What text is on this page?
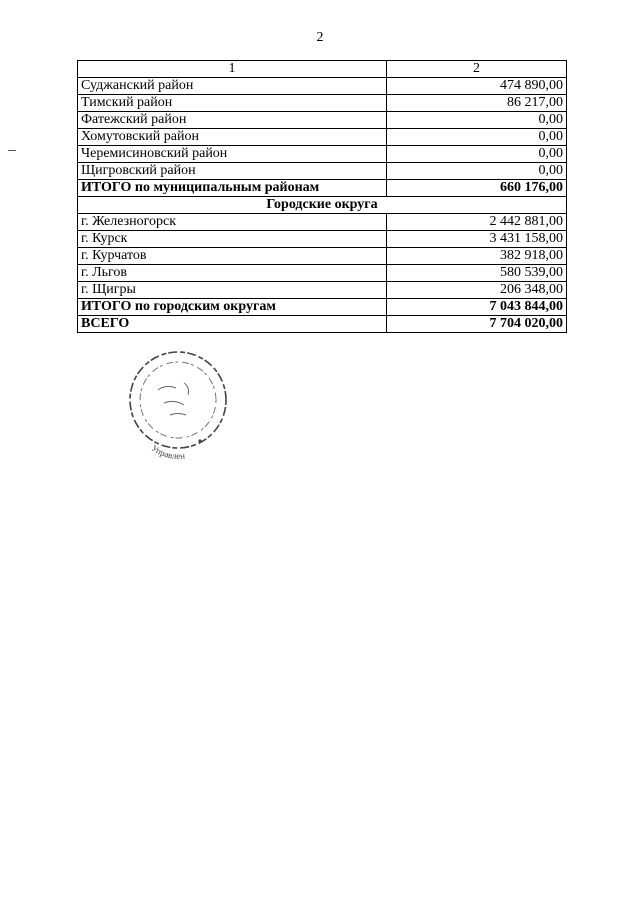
2
1	2
Суджанский район	474 890,00
Тимский район	86 217,00
Фатежский район	0,00
Хомутовский район	0,00
Черемисиновский район	0,00
Щигровский район	0,00
ИТОГО по муниципальным районам	660 176,00
Городские округа	
г. Железногорск	2 442 881,00
г. Курск	3 431 158,00
г. Курчатов	382 918,00
г. Льгов	580 539,00
г. Щигры	206 348,00
ИТОГО по городским округам	7 043 844,00
ВСЕГО	7 704 020,00
Управлен
